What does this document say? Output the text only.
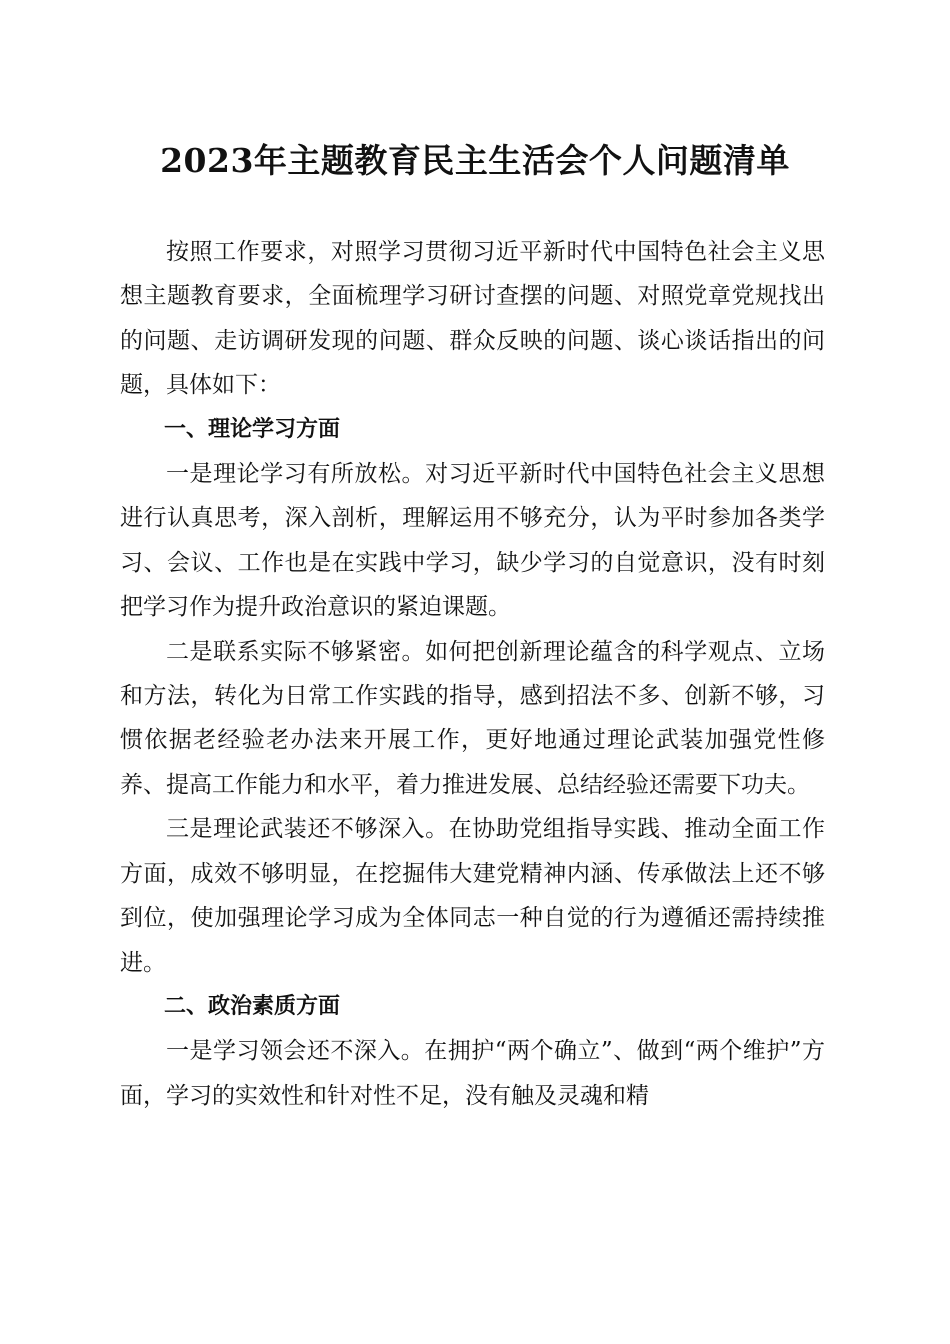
2023年主题教育民主生活会个人问题清单

按照工作要求，对照学习贯彻习近平新时代中国特色社会主义思想主题教育要求，全面梳理学习研讨查摆的问题、对照党章党规找出的问题、走访调研发现的问题、群众反映的问题、谈心谈话指出的问题，具体如下：

一、理论学习方面

一是理论学习有所放松。对习近平新时代中国特色社会主义思想进行认真思考，深入剖析，理解运用不够充分，认为平时参加各类学习、会议、工作也是在实践中学习，缺少学习的自觉意识，没有时刻把学习作为提升政治意识的紧迫课题。

二是联系实际不够紧密。如何把创新理论蕴含的科学观点、立场和方法，转化为日常工作实践的指导，感到招法不多、创新不够，习惯依据老经验老办法来开展工作，更好地通过理论武装加强党性修养、提高工作能力和水平，着力推进发展、总结经验还需要下功夫。

三是理论武装还不够深入。在协助党组指导实践、推动全面工作方面，成效不够明显，在挖掘伟大建党精神内涵、传承做法上还不够到位，使加强理论学习成为全体同志一种自觉的行为遵循还需持续推进。

二、政治素质方面

一是学习领会还不深入。在拥护“两个确立”、做到“两个维护”方面，学习的实效性和针对性不足，没有触及灵魂和精
